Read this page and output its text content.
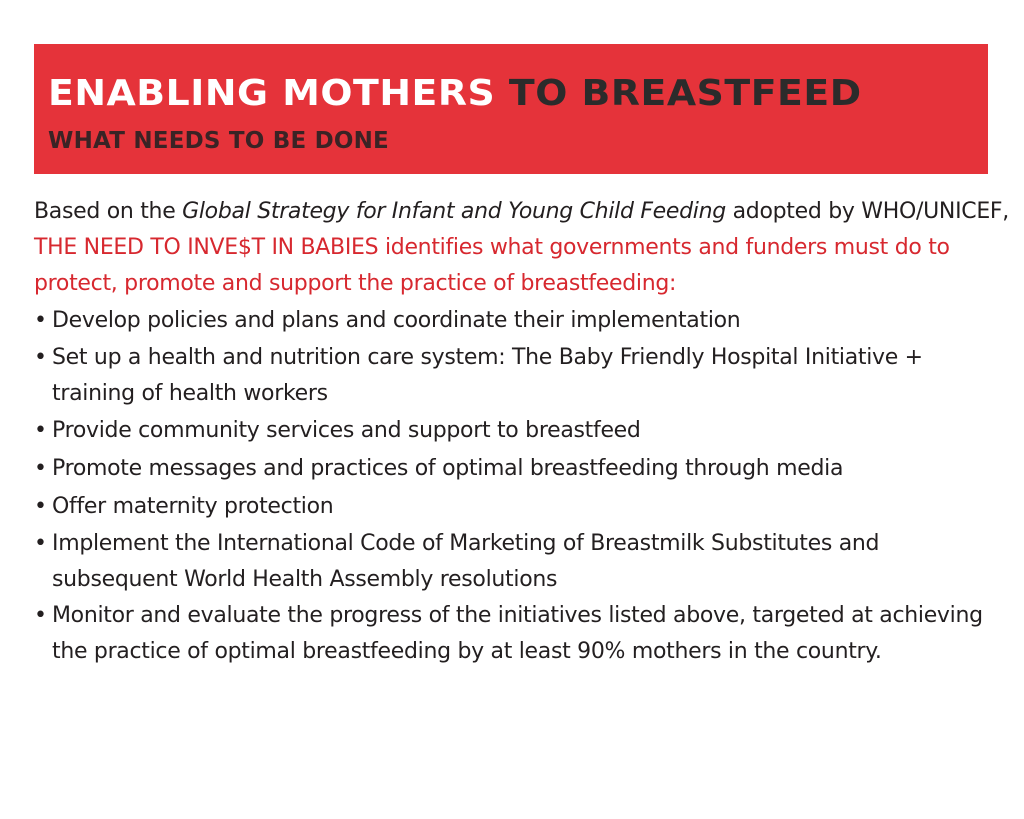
ENABLING MOTHERS TO BREASTFEED
WHAT NEEDS TO BE DONE

Based on the Global Strategy for Infant and Young Child Feeding adopted by WHO/UNICEF, THE NEED TO INVE$T IN BABIES identifies what governments and funders must do to protect, promote and support the practice of breastfeeding:

• Develop policies and plans and coordinate their implementation
• Set up a health and nutrition care system: The Baby Friendly Hospital Initiative + training of health workers
• Provide community services and support to breastfeed
• Promote messages and practices of optimal breastfeeding through media
• Offer maternity protection
• Implement the International Code of Marketing of Breastmilk Substitutes and subsequent World Health Assembly resolutions
• Monitor and evaluate the progress of the initiatives listed above, targeted at achieving the practice of optimal breastfeeding by at least 90% mothers in the country.
